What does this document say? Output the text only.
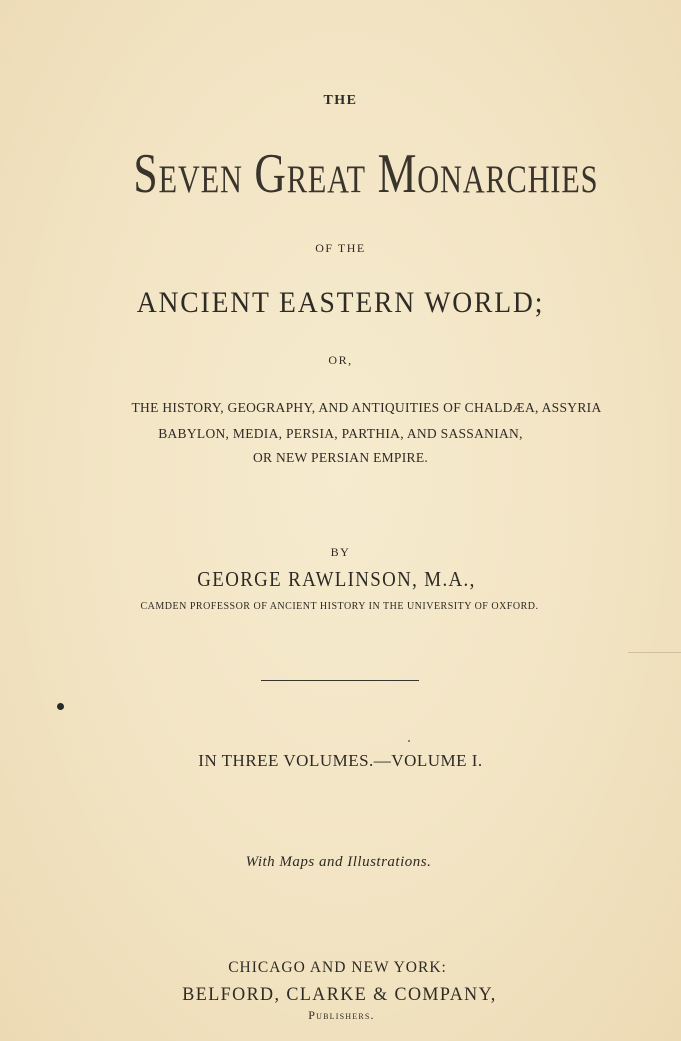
THE
Seven Great Monarchies
OF THE
ANCIENT EASTERN WORLD;
OR,
THE HISTORY, GEOGRAPHY, AND ANTIQUITIES OF CHALDÆA, ASSYRIA
BABYLON, MEDIA, PERSIA, PARTHIA, AND SASSANIAN,
OR NEW PERSIAN EMPIRE.
BY
GEORGE RAWLINSON, M.A.,
CAMDEN PROFESSOR OF ANCIENT HISTORY IN THE UNIVERSITY OF OXFORD.
IN THREE VOLUMES.—VOLUME I.
With Maps and Illustrations.
CHICAGO AND NEW YORK:
BELFORD, CLARKE & COMPANY,
Publishers.
